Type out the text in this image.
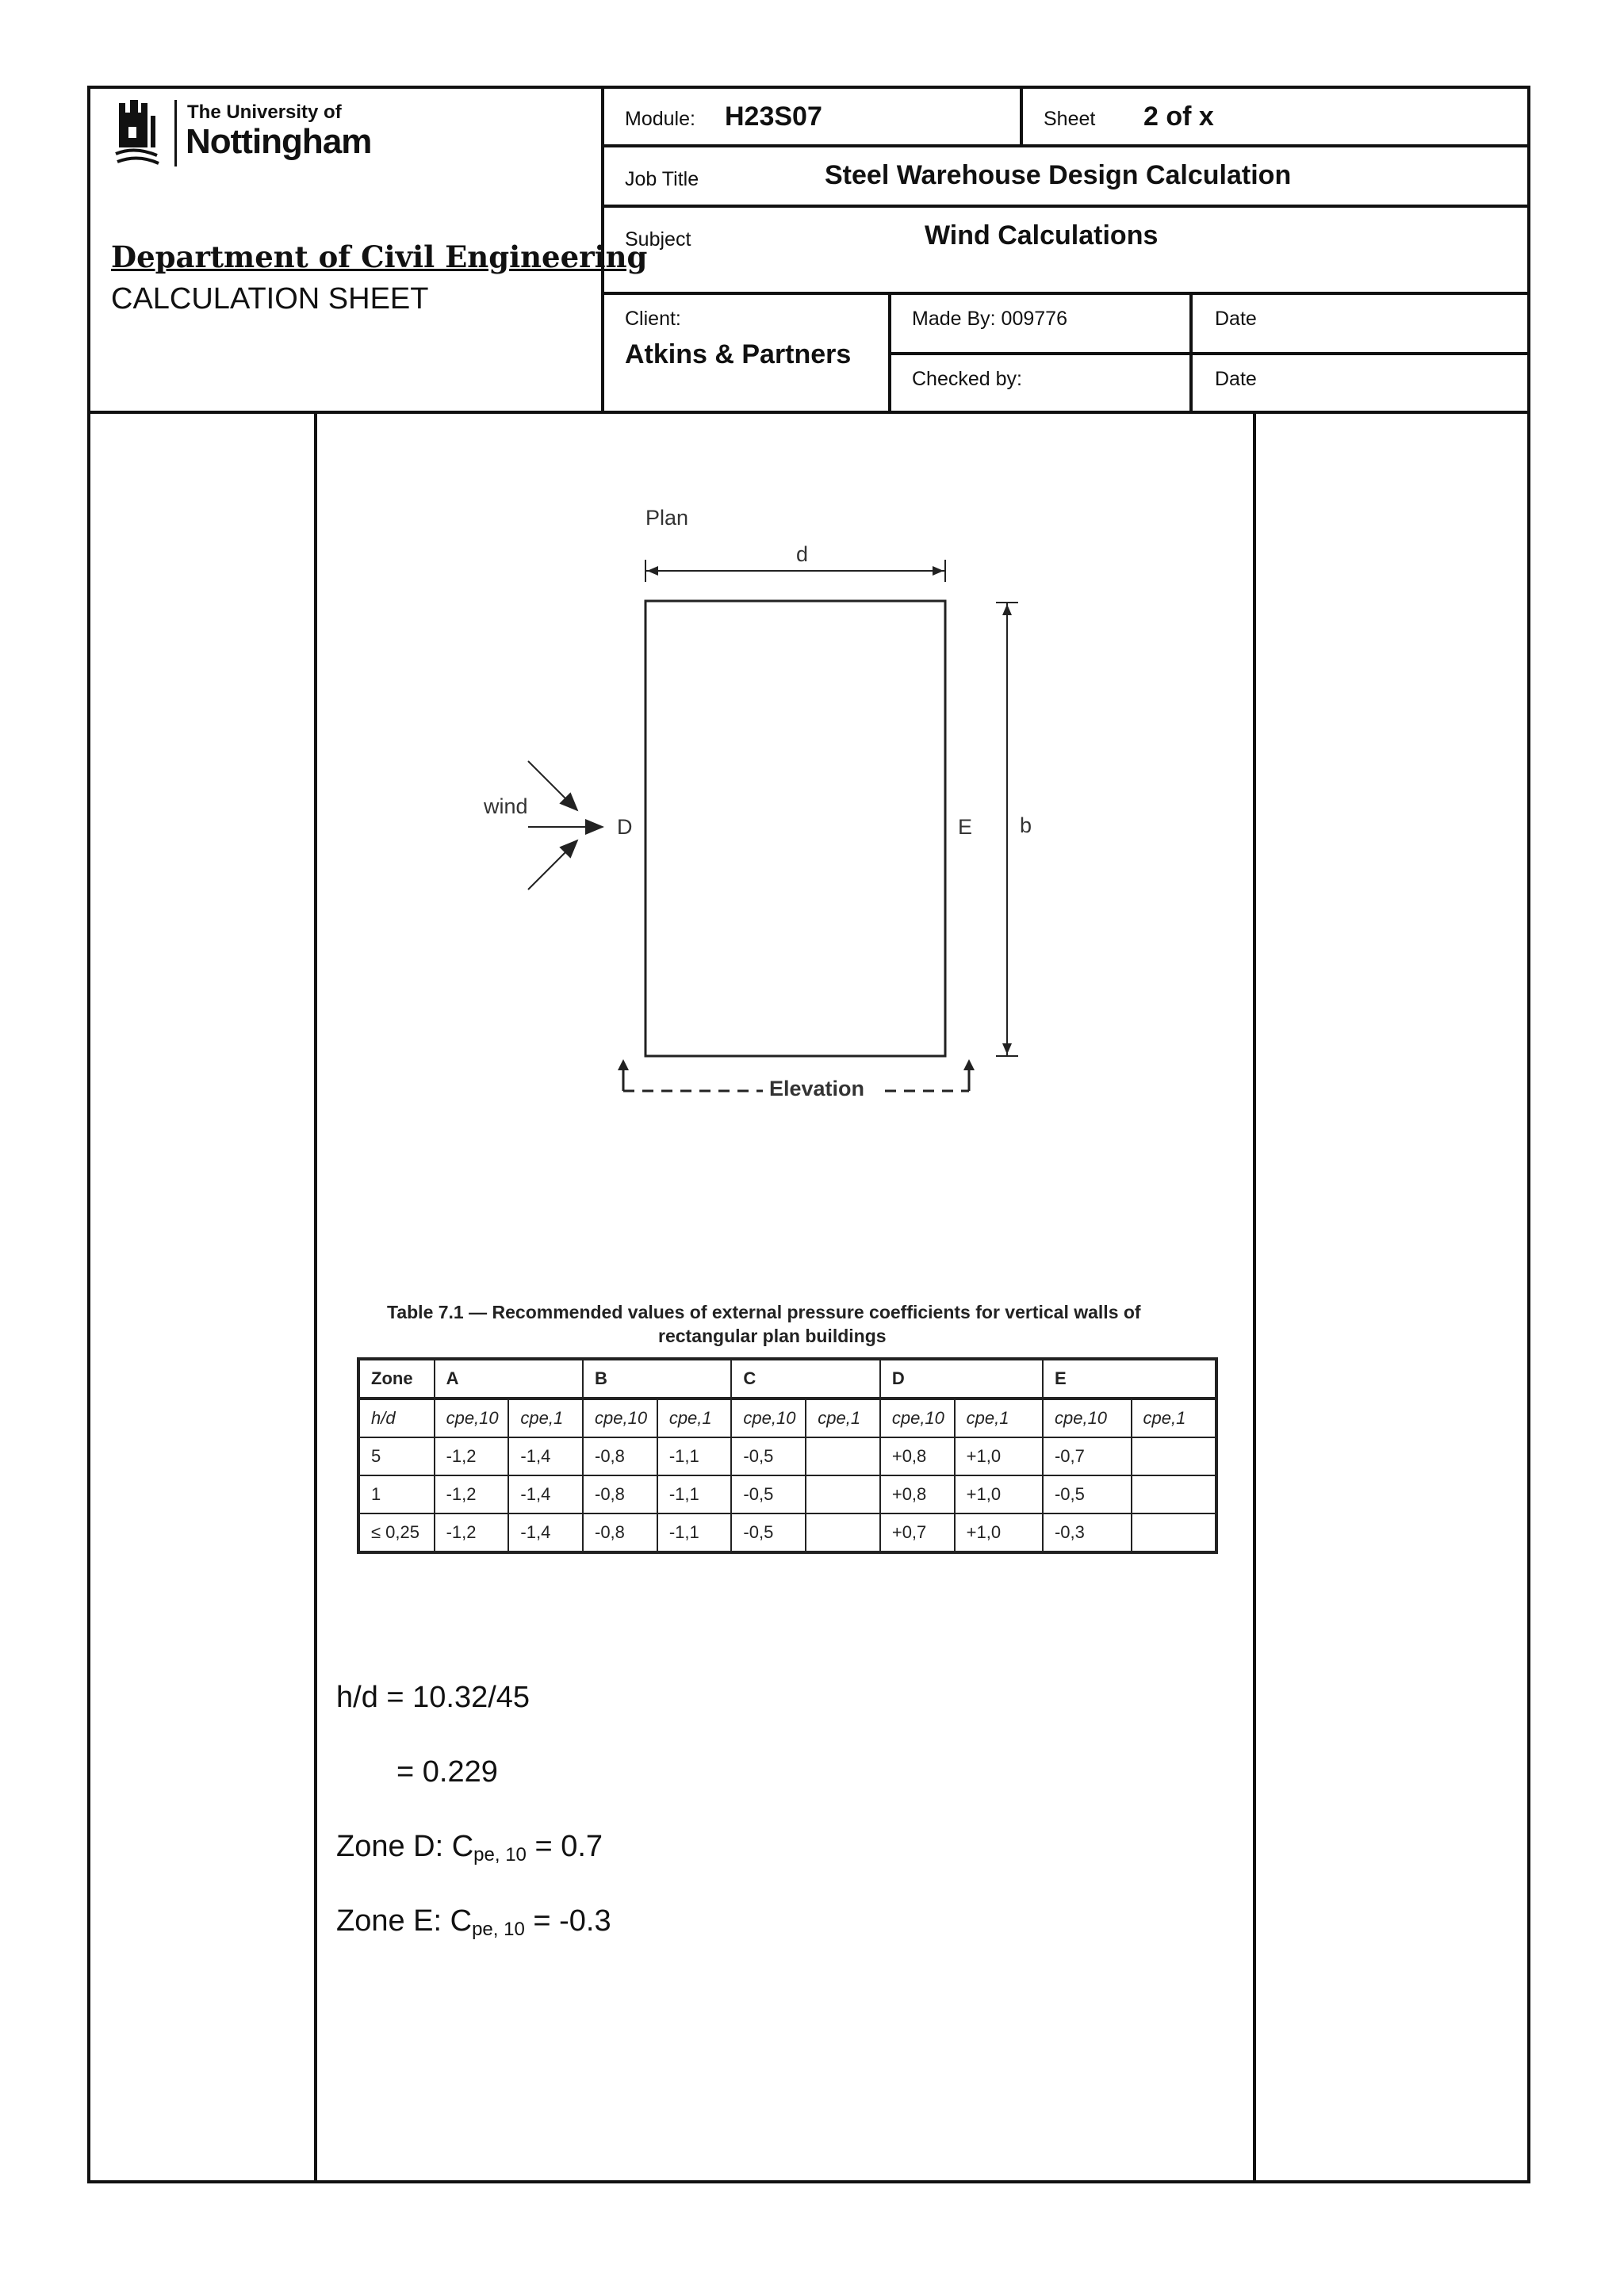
The University of
Nottingham
Department of Civil Engineering
CALCULATION SHEET
Module: H23S07	Sheet 2 of x
Job Title	Steel Warehouse Design Calculation
Subject	Wind Calculations
Client:
Atkins & Partners
Made By: 009776
Checked by:
Date
Date
Plan
d
b
wind
D	E
Elevation
Table 7.1 — Recommended values of external pressure coefficients for vertical walls of
rectangular plan buildings
Zone	A		B		C		D		E	
h/d	cpe,10	cpe,1	cpe,10	cpe,1	cpe,10	cpe,1	cpe,10	cpe,1	cpe,10	cpe,1
5	-1,2	-1,4	-0,8	-1,1	-0,5		+0,8	+1,0	-0,7	
1	-1,2	-1,4	-0,8	-1,1	-0,5		+0,8	+1,0	-0,5	
≤ 0,25	-1,2	-1,4	-0,8	-1,1	-0,5		+0,7	+1,0	-0,3	
h/d = 10.32/45
= 0.229
Zone D: $C_{pe, 10} = 0.7$
Zone E: $C_{pe, 10} = -0.3$
